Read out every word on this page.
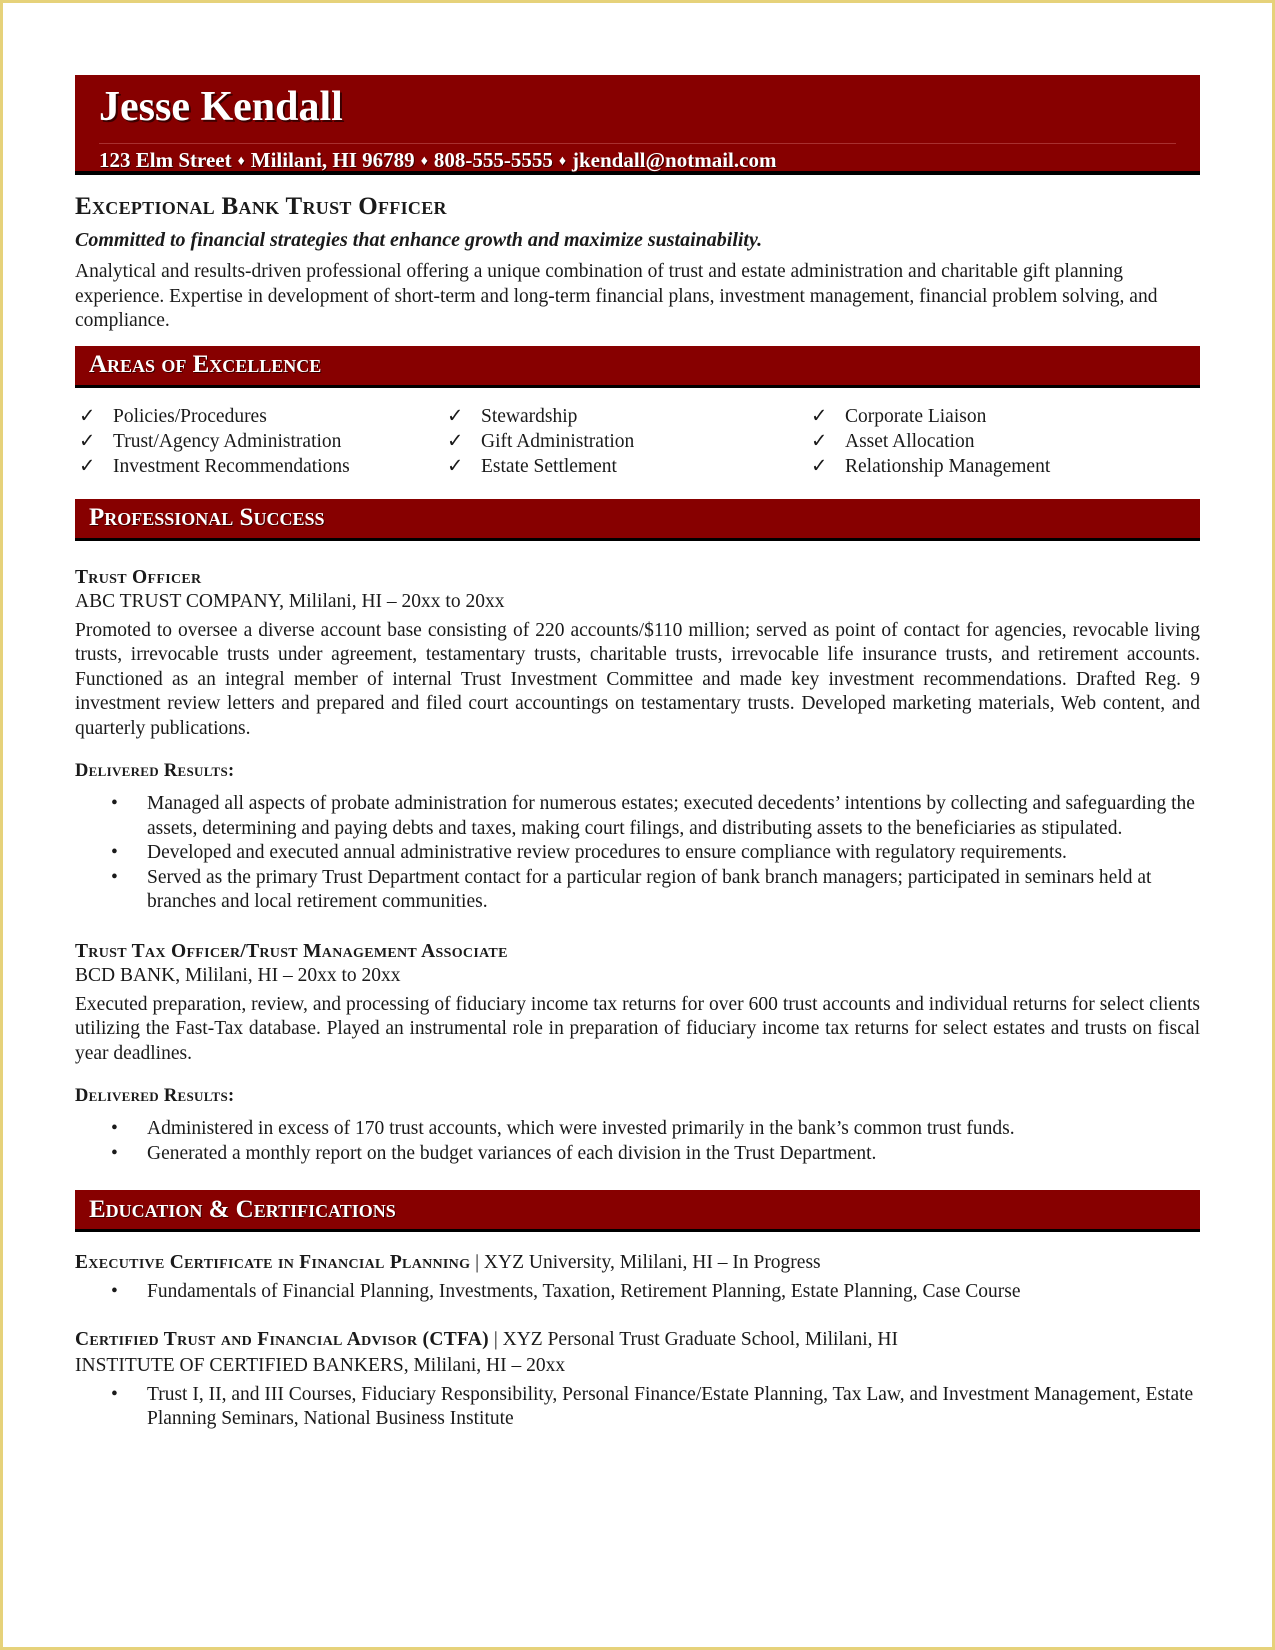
Jesse Kendall
123 Elm Street ♦ Mililani, HI 96789 ♦ 808-555-5555 ♦ jkendall@notmail.com
Exceptional Bank Trust Officer
Committed to financial strategies that enhance growth and maximize sustainability.
Analytical and results-driven professional offering a unique combination of trust and estate administration and charitable gift planning experience. Expertise in development of short-term and long-term financial plans, investment management, financial problem solving, and compliance.
Areas of Excellence
✓ Policies/Procedures
✓ Trust/Agency Administration
✓ Investment Recommendations
✓ Stewardship
✓ Gift Administration
✓ Estate Settlement
✓ Corporate Liaison
✓ Asset Allocation
✓ Relationship Management
Professional Success
Trust Officer
ABC TRUST COMPANY, Mililani, HI – 20xx to 20xx
Promoted to oversee a diverse account base consisting of 220 accounts/$110 million; served as point of contact for agencies, revocable living trusts, irrevocable trusts under agreement, testamentary trusts, charitable trusts, irrevocable life insurance trusts, and retirement accounts. Functioned as an integral member of internal Trust Investment Committee and made key investment recommendations. Drafted Reg. 9 investment review letters and prepared and filed court accountings on testamentary trusts. Developed marketing materials, Web content, and quarterly publications.
Delivered Results:
•	Managed all aspects of probate administration for numerous estates; executed decedents’ intentions by collecting and safeguarding the assets, determining and paying debts and taxes, making court filings, and distributing assets to the beneficiaries as stipulated.
•	Developed and executed annual administrative review procedures to ensure compliance with regulatory requirements.
•	Served as the primary Trust Department contact for a particular region of bank branch managers; participated in seminars held at branches and local retirement communities.
Trust Tax Officer/Trust Management Associate
BCD BANK, Mililani, HI – 20xx to 20xx
Executed preparation, review, and processing of fiduciary income tax returns for over 600 trust accounts and individual returns for select clients utilizing the Fast-Tax database. Played an instrumental role in preparation of fiduciary income tax returns for select estates and trusts on fiscal year deadlines.
Delivered Results:
•	Administered in excess of 170 trust accounts, which were invested primarily in the bank’s common trust funds.
•	Generated a monthly report on the budget variances of each division in the Trust Department.
Education & Certifications
Executive Certificate in Financial Planning | XYZ University, Mililani, HI – In Progress
•	Fundamentals of Financial Planning, Investments, Taxation, Retirement Planning, Estate Planning, Case Course
Certified Trust and Financial Advisor (CTFA) | XYZ Personal Trust Graduate School, Mililani, HI
INSTITUTE OF CERTIFIED BANKERS, Mililani, HI – 20xx
•	Trust I, II, and III Courses, Fiduciary Responsibility, Personal Finance/Estate Planning, Tax Law, and Investment Management, Estate Planning Seminars, National Business Institute
